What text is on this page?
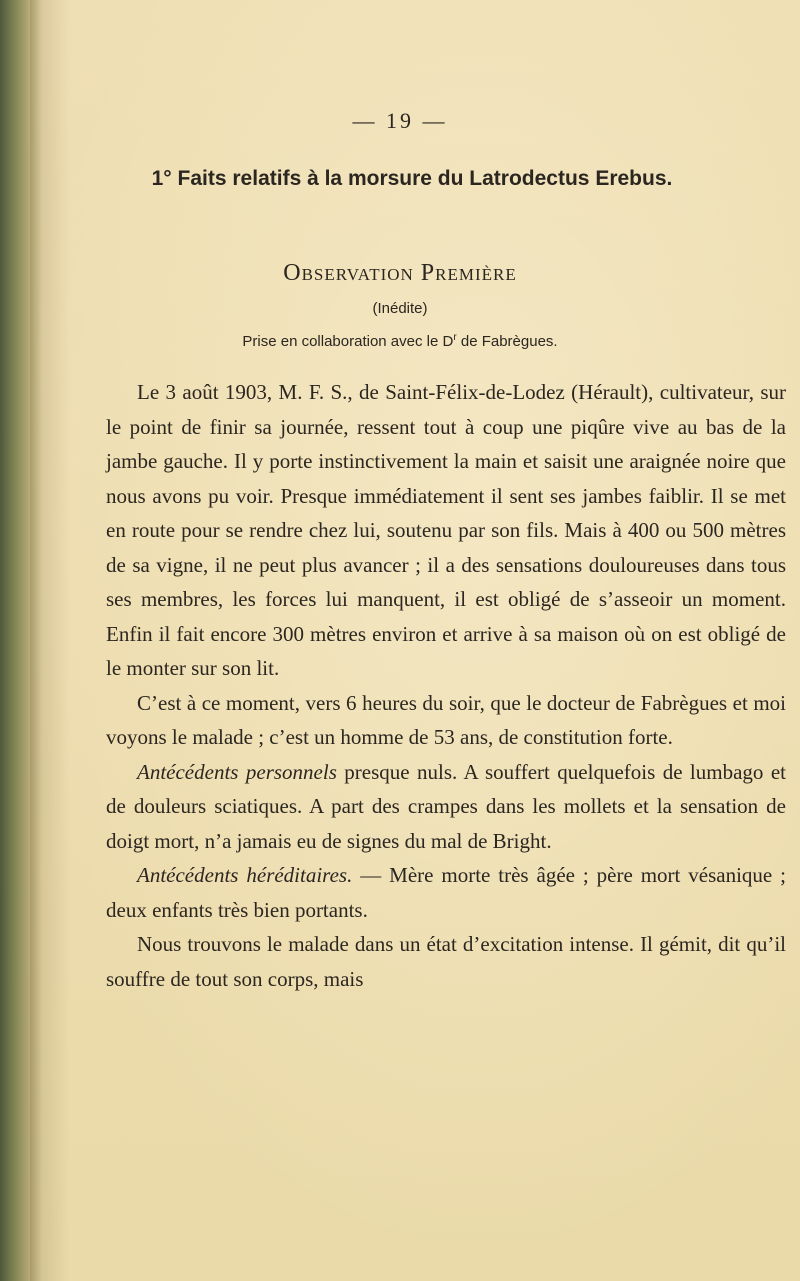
— 19 —
1° Faits relatifs à la morsure du Latrodectus Erebus.
Observation Première
(Inédite)
Prise en collaboration avec le $D^r$ de Fabrègues.

Le 3 août 1903, M. F. S., de Saint-Félix-de-Lodez (Hérault), cultivateur, sur le point de finir sa journée, ressent tout à coup une piqûre vive au bas de la jambe gauche. Il y porte instinctivement la main et saisit une araignée noire que nous avons pu voir. Presque immédiatement il sent ses jambes faiblir. Il se met en route pour se rendre chez lui, soutenu par son fils. Mais à 400 ou 500 mètres de sa vigne, il ne peut plus avancer ; il a des sensations douloureuses dans tous ses membres, les forces lui manquent, il est obligé de s’asseoir un moment. Enfin il fait encore 300 mètres environ et arrive à sa maison où on est obligé de le monter sur son lit.

C’est à ce moment, vers 6 heures du soir, que le docteur de Fabrègues et moi voyons le malade ; c’est un homme de 53 ans, de constitution forte.

Antécédents personnels presque nuls. A souffert quelquefois de lumbago et de douleurs sciatiques. A part des crampes dans les mollets et la sensation de doigt mort, n’a jamais eu de signes du mal de Bright.

Antécédents héréditaires. — Mère morte très âgée ; père mort vésanique ; deux enfants très bien portants.

Nous trouvons le malade dans un état d’excitation intense. Il gémit, dit qu’il souffre de tout son corps, mais
